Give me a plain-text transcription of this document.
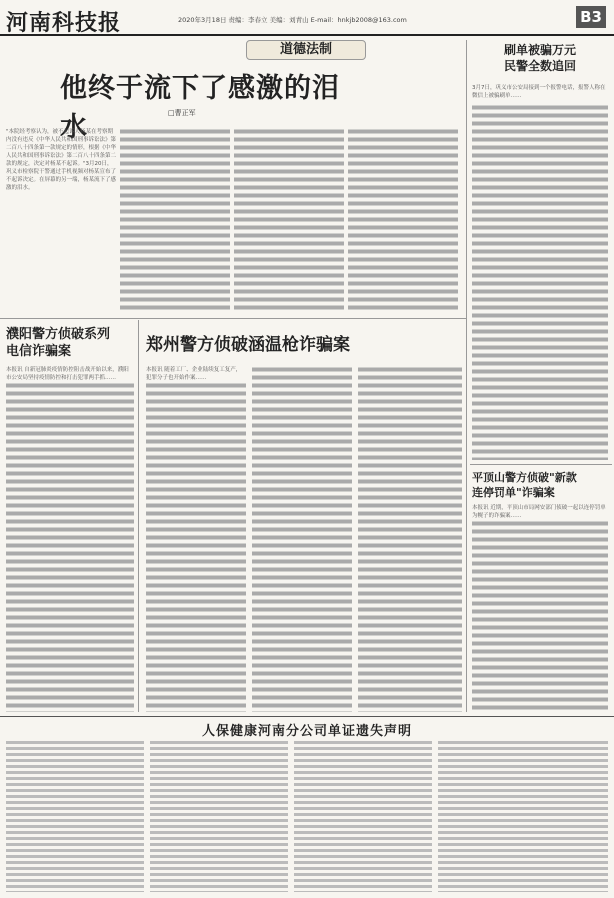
河南科技报	2020年3月18日 责编：李春立 美编：刘青山 E-mail：hnkjb2008@163.com	B3
道德法制
他终于流下了感激的泪水	□曹正军
"本院经考察认为，被不起诉人杨某在考察期内没有违反《中华人民共和国刑事诉讼法》第二百八十四条第一款规定的情形，根据《中华人民共和国刑事诉讼法》第二百八十四条第二款的规定，决定对杨某不起诉。"3月20日，巩义市检察院干警通过手机视频对杨某宣布了不起诉决定。在屏幕的另一端，杨某流下了感激的泪水。
刷单被骗万元
民警全数追回
3月7日，巩义市公安局接到一个报警电话，报警人称在微信上被骗刷单……
濮阳警方侦破系列
电信诈骗案
本报讯 自新冠肺炎疫情防控阻击战开始以来，濮阳市公安局坚持疫情防控和打击犯罪两手抓……
郑州警方侦破涵温枪诈骗案
本报讯 随着工厂、企业陆续复工复产，犯罪分子也开始作案……
平顶山警方侦破"新款
连停罚单"诈骗案
本报讯 近期，平顶山市局网安部门侦破一起以连停罚单为幌子的诈骗案……
人保健康河南分公司单证遗失声明
